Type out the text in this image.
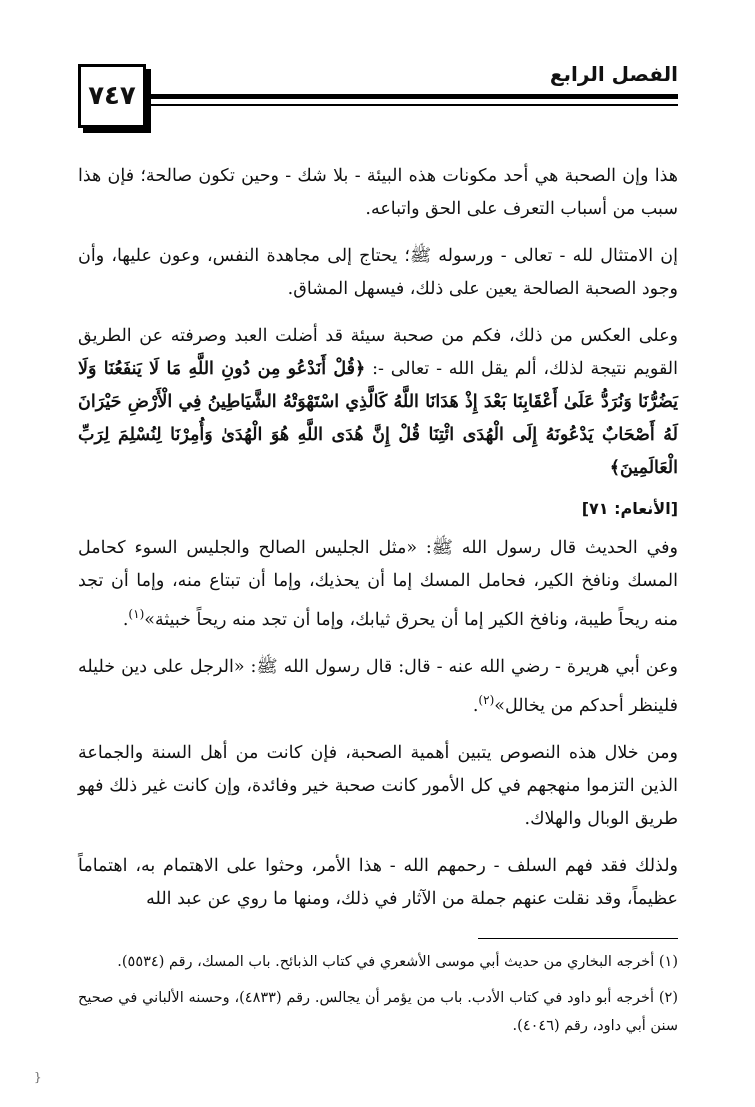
٧٤٧
الفصل الرابع

هذا وإن الصحبة هي أحد مكونات هذه البيئة - بلا شك - وحين تكون صالحة؛ فإن هذا سبب من أسباب التعرف على الحق واتباعه.

إن الامتثال لله - تعالى - ورسوله ﷺ؛ يحتاج إلى مجاهدة النفس، وعون عليها، وأن وجود الصحبة الصالحة يعين على ذلك، فيسهل المشاق.

وعلى العكس من ذلك، فكم من صحبة سيئة قد أضلت العبد وصرفته عن الطريق القويم نتيجة لذلك، ألم يقل الله - تعالى -: ﴿قُلْ أَنَدْعُو مِن دُونِ اللَّهِ مَا لَا يَنفَعُنَا وَلَا يَضُرُّنَا وَنُرَدُّ عَلَىٰ أَعْقَابِنَا بَعْدَ إِذْ هَدَانَا اللَّهُ كَالَّذِي اسْتَهْوَتْهُ الشَّيَاطِينُ فِي الْأَرْضِ حَيْرَانَ لَهُ أَصْحَابٌ يَدْعُونَهُ إِلَى الْهُدَى ائْتِنَا قُلْ إِنَّ هُدَى اللَّهِ هُوَ الْهُدَىٰ وَأُمِرْنَا لِنُسْلِمَ لِرَبِّ الْعَالَمِينَ﴾

[الأنعام: ٧١]

وفي الحديث قال رسول الله ﷺ: «مثل الجليس الصالح والجليس السوء كحامل المسك ونافخ الكير، فحامل المسك إما أن يحذيك، وإما أن تبتاع منه، وإما أن تجد منه ريحاً طيبة، ونافخ الكير إما أن يحرق ثيابك، وإما أن تجد منه ريحاً خبيثة»$^{(١)}$.

وعن أبي هريرة - رضي الله عنه - قال: قال رسول الله ﷺ: «الرجل على دين خليله فلينظر أحدكم من يخالل»$^{(٢)}$.

ومن خلال هذه النصوص يتبين أهمية الصحبة، فإن كانت من أهل السنة والجماعة الذين التزموا منهجهم في كل الأمور كانت صحبة خير وفائدة، وإن كانت غير ذلك فهو طريق الوبال والهلاك.

ولذلك فقد فهم السلف - رحمهم الله - هذا الأمر، وحثوا على الاهتمام به، اهتماماً عظيماً، وقد نقلت عنهم جملة من الآثار في ذلك، ومنها ما روي عن عبد الله

(١) أخرجه البخاري من حديث أبي موسى الأشعري في كتاب الذبائح. باب المسك، رقم (٥٥٣٤).

(٢) أخرجه أبو داود في كتاب الأدب. باب من يؤمر أن يجالس. رقم (٤٨٣٣)، وحسنه الألباني في صحيح سنن أبي داود، رقم (٤٠٤٦).

}
